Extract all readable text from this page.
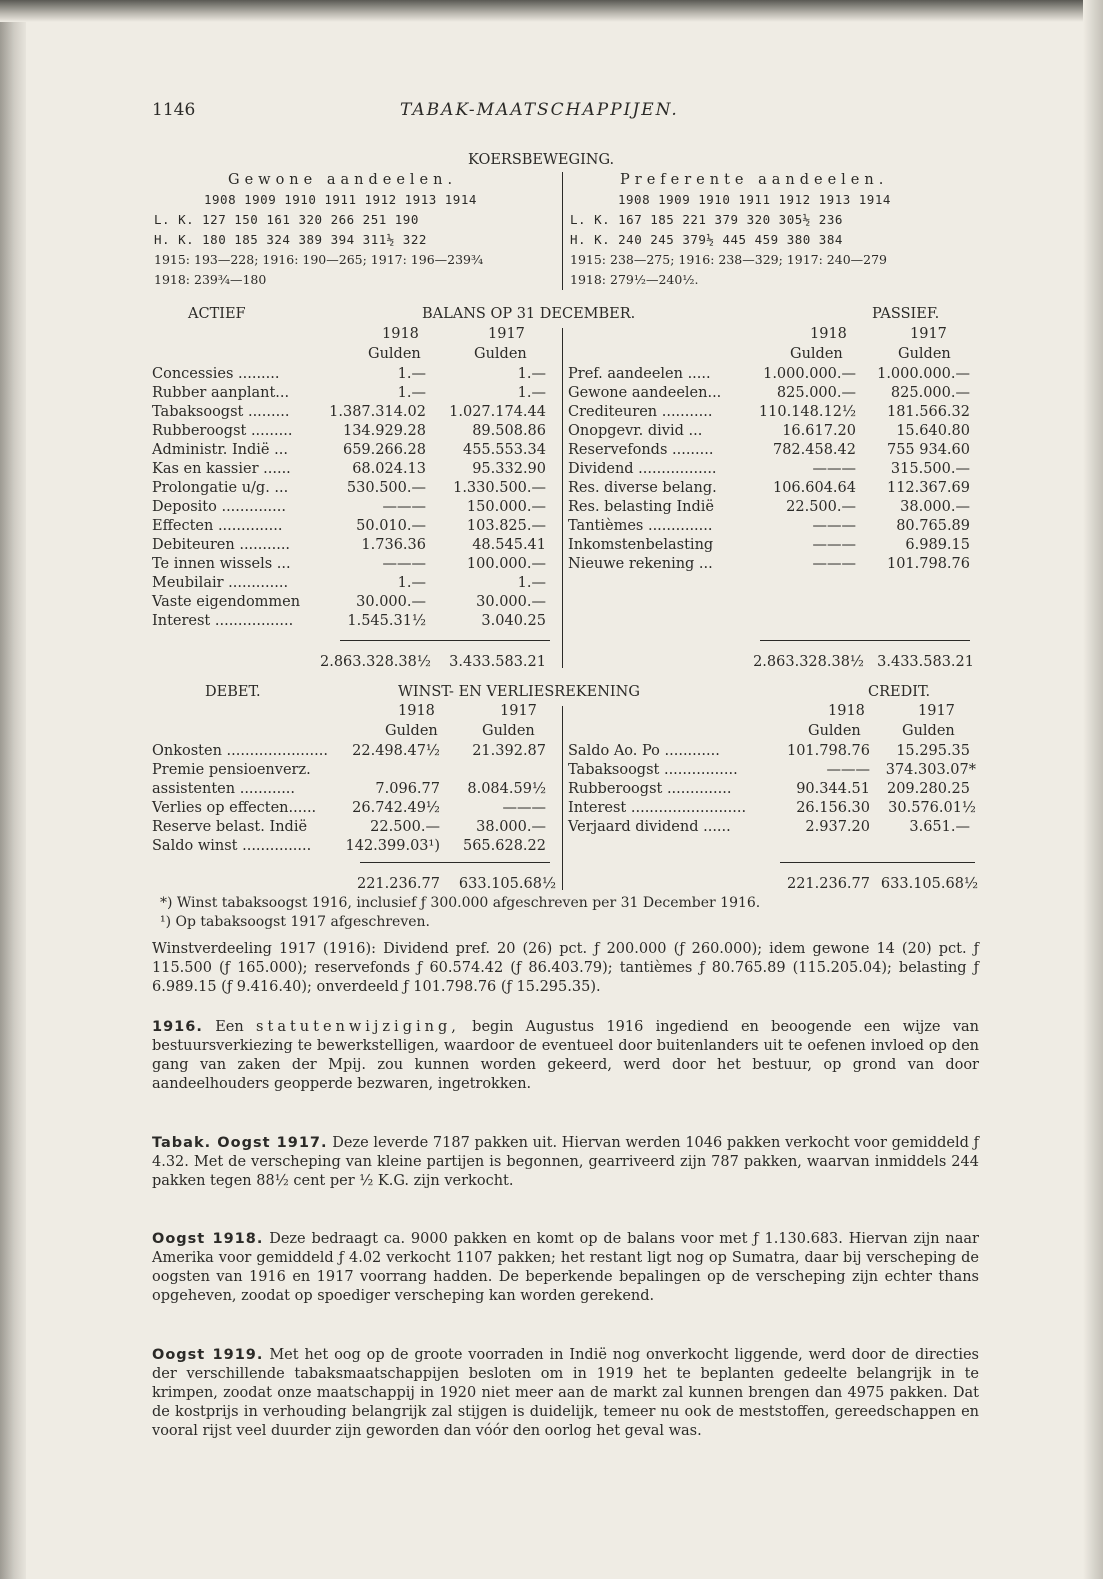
1146	TABAK-MAATSCHAPPIJEN.
KOERSBEWEGING.
Gewone aandeelen.	Preferente aandeelen.
1908 1909 1910 1911 1912 1913 1914
L. K. 127 150 161 320 266 251 190
H. K. 180 185 324 389 394 311½ 322
1915: 193—228; 1916: 190—265; 1917: 196—239¾
1918: 239¾—180
1908 1909 1910 1911 1912 1913 1914
L. K. 167 185 221 379 320 305½ 236
H. K. 240 245 379½ 445 459 380 384
1915: 238—275; 1916: 238—329; 1917: 240—279
1918: 279½—240½.
ACTIEF	BALANS OP 31 DECEMBER.	PASSIEF.
1918	1917	1918	1917
Gulden	Gulden	Gulden	Gulden
Concessies .........	1.—	1.—
Rubber aanplant...	1.—	1.—
Tabaksoogst .........	1.387.314.02	1.027.174.44
Rubberoogst .........	134.929.28	89.508.86
Administr. Indië ...	659.266.28	455.553.34
Kas en kassier ......	68.024.13	95.332.90
Prolongatie u/g. ...	530.500.—	1.330.500.—
Deposito ..............	———	150.000.—
Effecten ..............	50.010.—	103.825.—
Debiteuren ...........	1.736.36	48.545.41
Te innen wissels ...	———	100.000.—
Meubilair .............	1.—	1.—
Vaste eigendommen	30.000.—	30.000.—
Interest .................	1.545.31½	3.040.25
2.863.328.38½	3.433.583.21
Pref. aandeelen .....	1.000.000.—	1.000.000.—
Gewone aandeelen...	825.000.—	825.000.—
Crediteuren ...........	110.148.12½	181.566.32
Onopgevr. divid ...	16.617.20	15.640.80
Reservefonds .........	782.458.42	755 934.60
Dividend .................	———	315.500.—
Res. diverse belang.	106.604.64	112.367.69
Res. belasting Indië	22.500.—	38.000.—
Tantièmes ..............	———	80.765.89
Inkomstenbelasting	———	6.989.15
Nieuwe rekening ...	———	101.798.76
2.863.328.38½ 3.433.583.21
DEBET.	WINST- EN VERLIESREKENING	CREDIT.
1918	1917	1918	1917
Gulden	Gulden	Gulden	Gulden
Onkosten ......................	22.498.47½	21.392.87
Premie pensioenverz.
assistenten ............	7.096.77	8.084.59½
Verlies op effecten......	26.742.49½	———
Reserve belast. Indië	22.500.—	38.000.—
Saldo winst ...............	142.399.03¹)	565.628.22
221.236.77	633.105.68½
Saldo Ao. Po ............	101.798.76	15.295.35
Tabaksoogst ................	———	374.303.07*
Rubberoogst ..............	90.344.51	209.280.25
Interest .........................	26.156.30	30.576.01½
Verjaard dividend ......	2.937.20	3.651.—
221.236.77 633.105.68½
*) Winst tabaksoogst 1916, inclusief ƒ 300.000 afgeschreven per 31 December 1916.
¹) Op tabaksoogst 1917 afgeschreven.
Winstverdeeling 1917 (1916): Dividend pref. 20 (26) pct. ƒ 200.000 (ƒ 260.000); idem gewone 14 (20) pct. ƒ 115.500 (ƒ 165.000); reservefonds ƒ 60.574.42 (ƒ 86.403.79); tantièmes ƒ 80.765.89 (115.205.04); belasting ƒ 6.989.15 (ƒ 9.416.40); onverdeeld ƒ 101.798.76 (ƒ 15.295.35).
1916. Een statutenwijziging, begin Augustus 1916 ingediend en beoogende een wijze van bestuursverkiezing te bewerkstelligen, waardoor de eventueel door buitenlanders uit te oefenen invloed op den gang van zaken der Mpij. zou kunnen worden gekeerd, werd door het bestuur, op grond van door aandeelhouders geopperde bezwaren, ingetrokken.
Tabak. Oogst 1917. Deze leverde 7187 pakken uit. Hiervan werden 1046 pakken verkocht voor gemiddeld ƒ 4.32. Met de verscheping van kleine partijen is begonnen, gearriveerd zijn 787 pakken, waarvan inmiddels 244 pakken tegen 88½ cent per ½ K.G. zijn verkocht.
Oogst 1918. Deze bedraagt ca. 9000 pakken en komt op de balans voor met ƒ 1.130.683. Hiervan zijn naar Amerika voor gemiddeld ƒ 4.02 verkocht 1107 pakken; het restant ligt nog op Sumatra, daar bij verscheping de oogsten van 1916 en 1917 voorrang hadden. De beperkende bepalingen op de verscheping zijn echter thans opgeheven, zoodat op spoediger verscheping kan worden gerekend.
Oogst 1919. Met het oog op de groote voorraden in Indië nog onverkocht liggende, werd door de directies der verschillende tabaksmaatschappijen besloten om in 1919 het te beplanten gedeelte belangrijk in te krimpen, zoodat onze maatschappij in 1920 niet meer aan de markt zal kunnen brengen dan 4975 pakken. Dat de kostprijs in verhouding belangrijk zal stijgen is duidelijk, temeer nu ook de meststoffen, gereedschappen en vooral rijst veel duurder zijn geworden dan vóór den oorlog het geval was.
